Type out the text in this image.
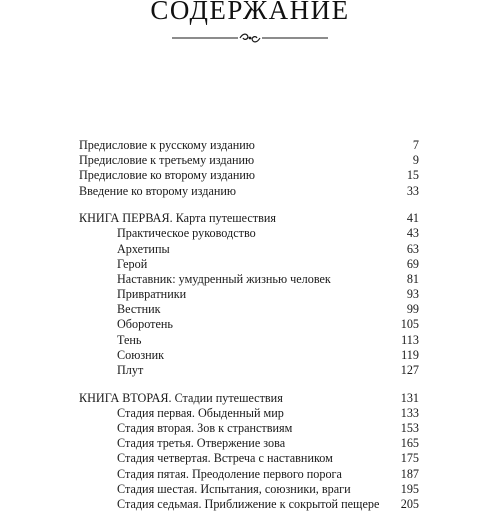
СОДЕРЖАНИЕ
Предисловие к русскому изданию	7
Предисловие к третьему изданию	9
Предисловие ко второму изданию	15
Введение ко второму изданию	33
КНИГА ПЕРВАЯ. Карта путешествия	41
Практическое руководство	43
Архетипы	63
Герой	69
Наставник: умудренный жизнью человек	81
Привратники	93
Вестник	99
Оборотень	105
Тень	113
Союзник	119
Плут	127
КНИГА ВТОРАЯ. Стадии путешествия	131
Стадия первая. Обыденный мир	133
Стадия вторая. Зов к странствиям	153
Стадия третья. Отвержение зова	165
Стадия четвертая. Встреча с наставником	175
Стадия пятая. Преодоление первого порога	187
Стадия шестая. Испытания, союзники, враги	195
Стадия седьмая. Приближение к сокрытой пещере 205
